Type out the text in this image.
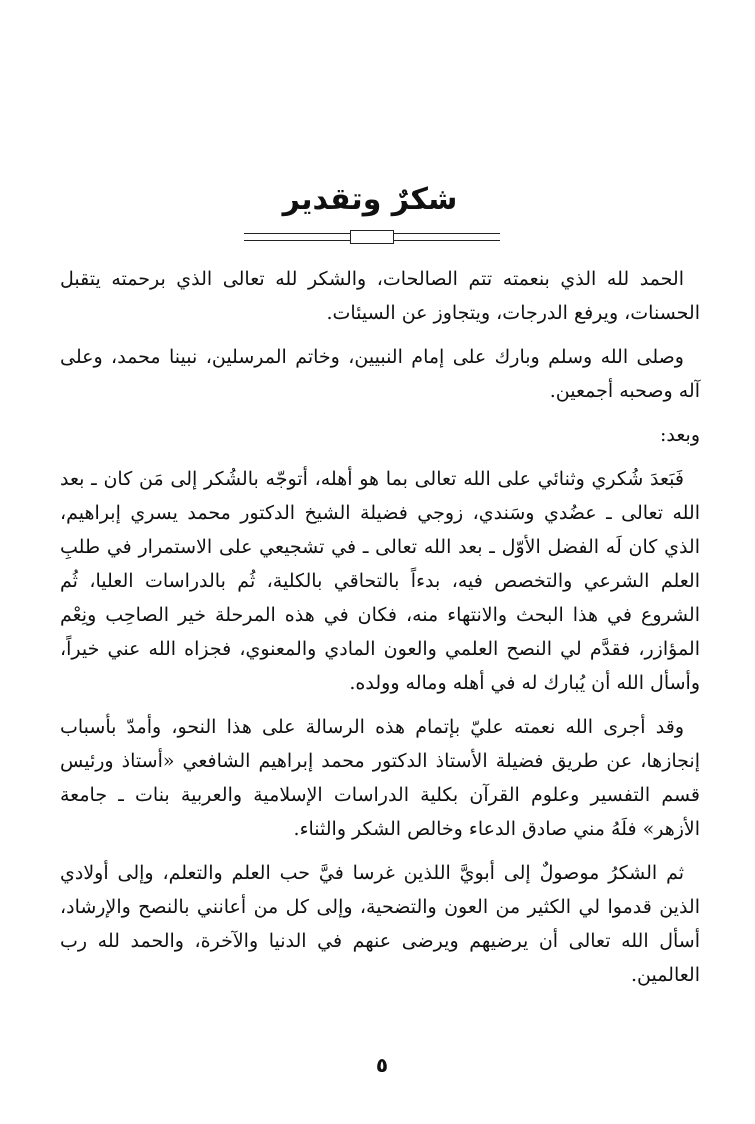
شكرٌ وتقدير

الحمد لله الذي بنعمته تتم الصالحات، والشكر لله تعالى الذي برحمته يتقبل الحسنات، ويرفع الدرجات، ويتجاوز عن السيئات.

وصلى الله وسلم وبارك على إمام النبيين، وخاتم المرسلين، نبينا محمد، وعلى آله وصحبه أجمعين.

وبعد:

فَبَعدَ شُكري وثنائي على الله تعالى بما هو أهله، أتوجّه بالشُكر إلى مَن كان ـ بعد الله تعالى ـ عضُدي وسَندي، زوجي فضيلة الشيخ الدكتور محمد يسري إبراهيم، الذي كان لَه الفضل الأوّل ـ بعد الله تعالى ـ في تشجيعي على الاستمرار في طلبِ العلم الشرعي والتخصص فيه، بدءاً بالتحاقي بالكلية، ثُم بالدراسات العليا، ثُم الشروع في هذا البحث والانتهاء منه، فكان في هذه المرحلة خير الصاحِب ونِعْم المؤازر، فقدَّم لي النصح العلمي والعون المادي والمعنوي، فجزاه الله عني خيراً، وأسأل الله أن يُبارك له في أهله وماله وولده.

وقد أجرى الله نعمته عليّ بإتمام هذه الرسالة على هذا النحو، وأمدّ بأسباب إنجازها، عن طريق فضيلة الأستاذ الدكتور محمد إبراهيم الشافعي «أستاذ ورئيس قسم التفسير وعلوم القرآن بكلية الدراسات الإسلامية والعربية بنات ـ جامعة الأزهر» فلَهُ مني صادق الدعاء وخالص الشكر والثناء.

ثم الشكرُ موصولٌ إلى أبويَّ اللذين غرسا فيَّ حب العلم والتعلم، وإلى أولادي الذين قدموا لي الكثير من العون والتضحية، وإلى كل من أعانني بالنصح والإرشاد، أسأل الله تعالى أن يرضيهم ويرضى عنهم في الدنيا والآخرة، والحمد لله رب العالمين.

٥
